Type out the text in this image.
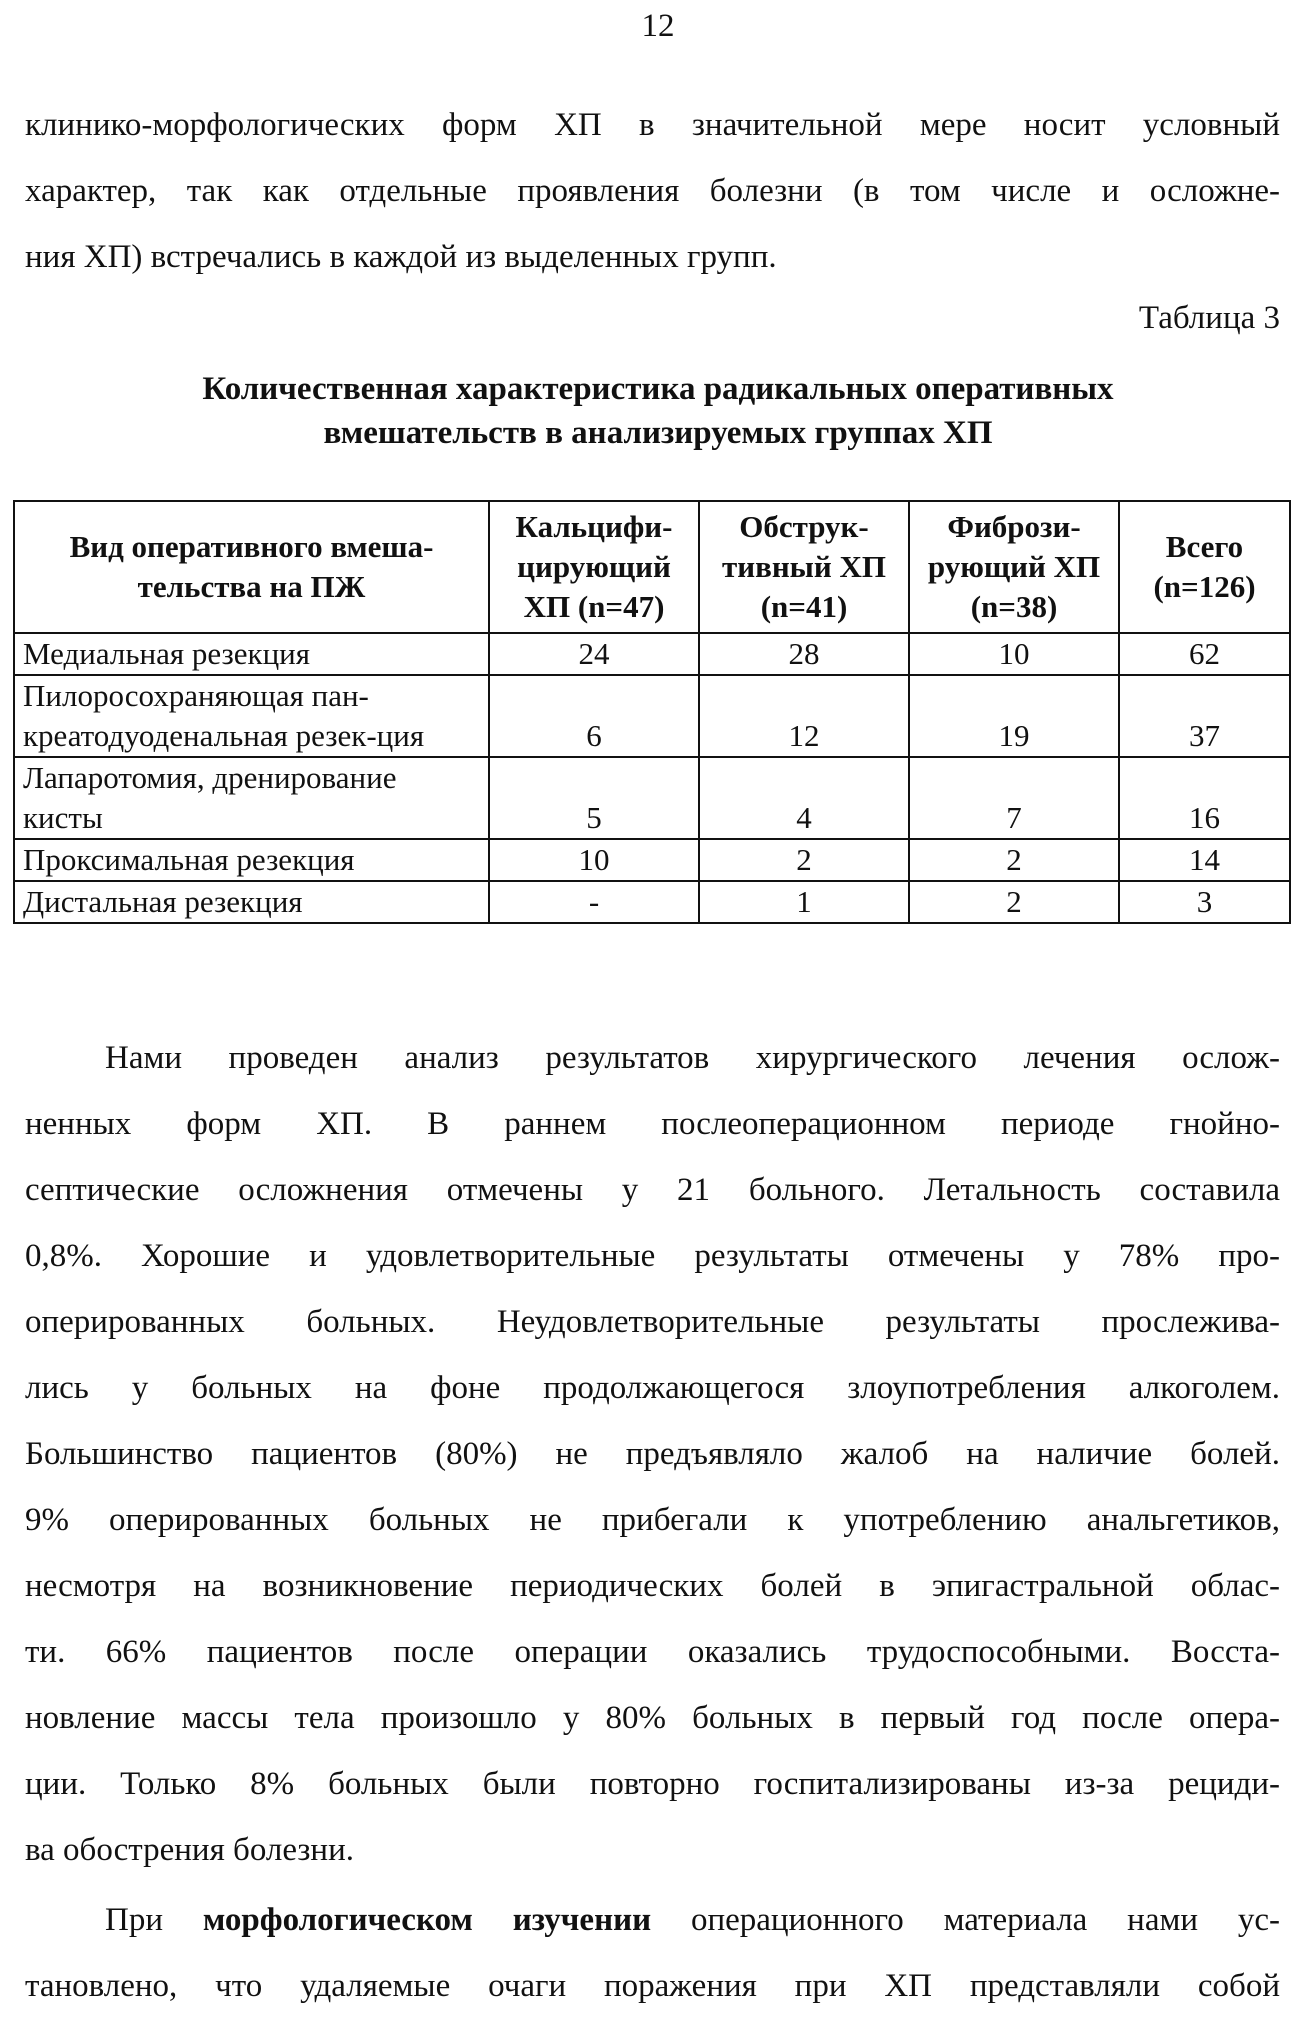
12
клинико-морфологических форм ХП в значительной мере носит условный
характер, так как отдельные проявления болезни (в том числе и осложне-
ния ХП) встречались в каждой из выделенных групп.
Таблица 3
Количественная характеристика радикальных оперативных
вмешательств в анализируемых группах ХП
Вид оперативного вмеша-тельства на ПЖ	Кальцифи-цирующий ХП (n=47)	Обструк-тивный ХП (n=41)	Фибрози-рующий ХП (n=38)	Всего (n=126)
Медиальная резекция	24	28	10	62
Пилоросохраняющая пан-креатодуоденальная резек-ция	6	12	19	37
Лапаротомия, дренирование кисты	5	4	7	16
Проксимальная резекция	10	2	2	14
Дистальная резекция	-	1	2	3
Нами проведен анализ результатов хирургического лечения ослож-
ненных форм ХП. В раннем послеоперационном периоде гнойно-
септические осложнения отмечены у 21 больного. Летальность составила
0,8%. Хорошие и удовлетворительные результаты отмечены у 78% про-
оперированных больных. Неудовлетворительные результаты прослежива-
лись у больных на фоне продолжающегося злоупотребления алкоголем.
Большинство пациентов (80%) не предъявляло жалоб на наличие болей.
9% оперированных больных не прибегали к употреблению анальгетиков,
несмотря на возникновение периодических болей в эпигастральной облас-
ти. 66% пациентов после операции оказались трудоспособными. Восста-
новление массы тела произошло у 80% больных в первый год после опера-
ции. Только 8% больных были повторно госпитализированы из-за рециди-
ва обострения болезни.
При морфологическом изучении операционного материала нами ус-
тановлено, что удаляемые очаги поражения при ХП представляли собой
